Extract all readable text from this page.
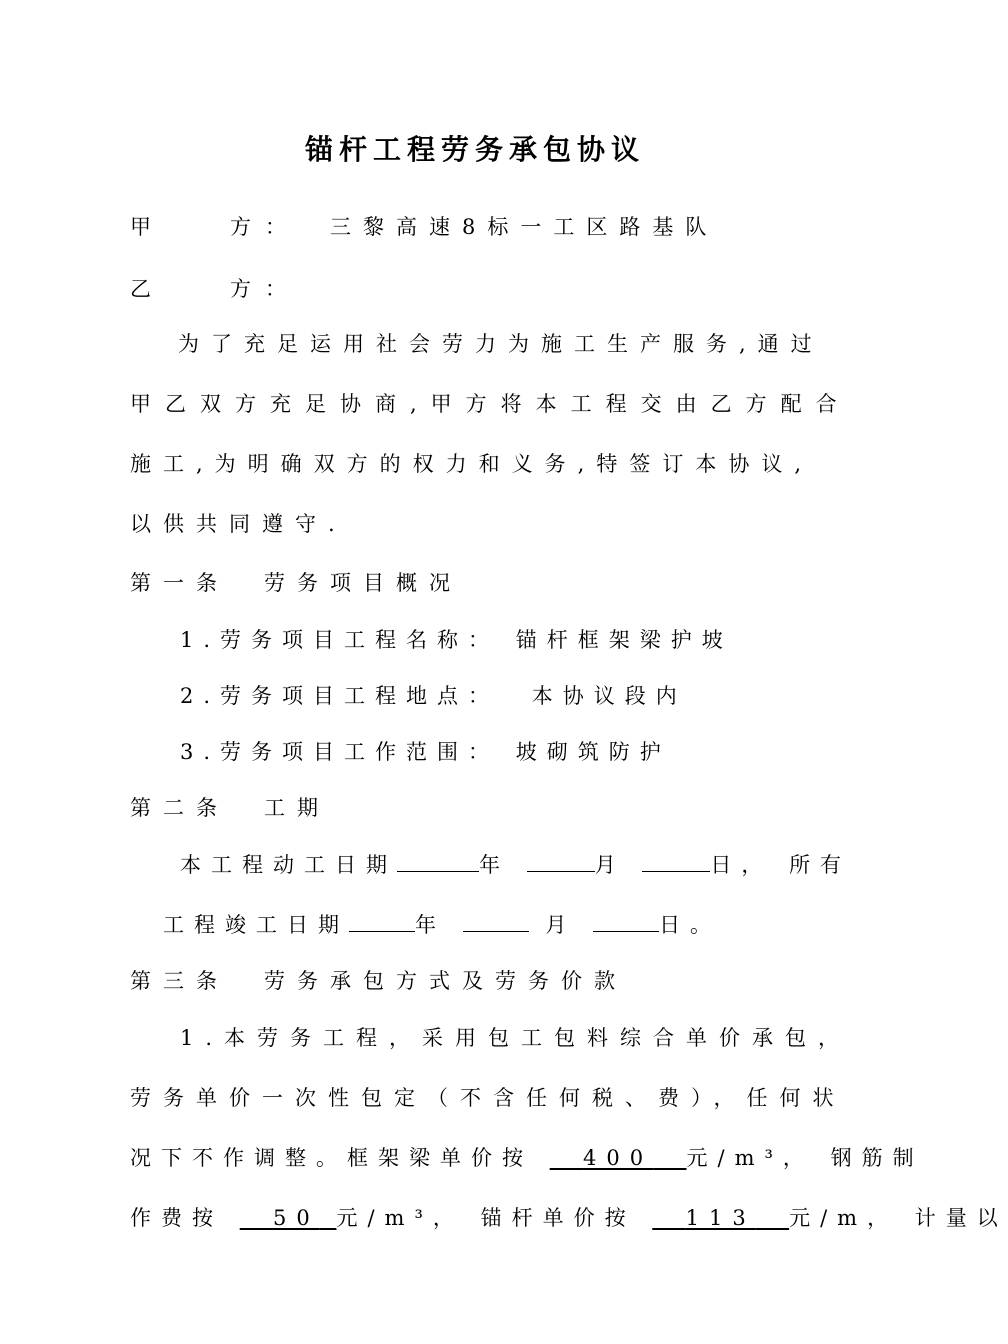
锚杆工程劳务承包协议
甲	方： 三黎高速8标一工区路基队
乙	方：
为了充足运用社会劳力为施工生产服务,通过
甲乙双方充足协商,甲方将本工程交由乙方配合
施工,为明确双方的权力和义务,特签订本协议,
以供共同遵守.
第一条 劳务项目概况
1.劳务项目工程名称： 锚杆框架梁护坡
2.劳务项目工程地点： 本协议段内
3.劳务项目工作范围： 坡砌筑防护
第二条 工期
本工程动工日期	年	月	日， 所有
工程竣工日期	年	月	日。
第三条 劳务承包方式及劳务价款
1.本劳务工程，采用包工包料综合单价承包，
劳务单价一次性包定（不含任何税、费），任何状
况下不作调整。框架梁单价按 400 元/m³， 钢筋制
作费按 50 元/m³， 锚杆单价按 113 元/m， 计量以
